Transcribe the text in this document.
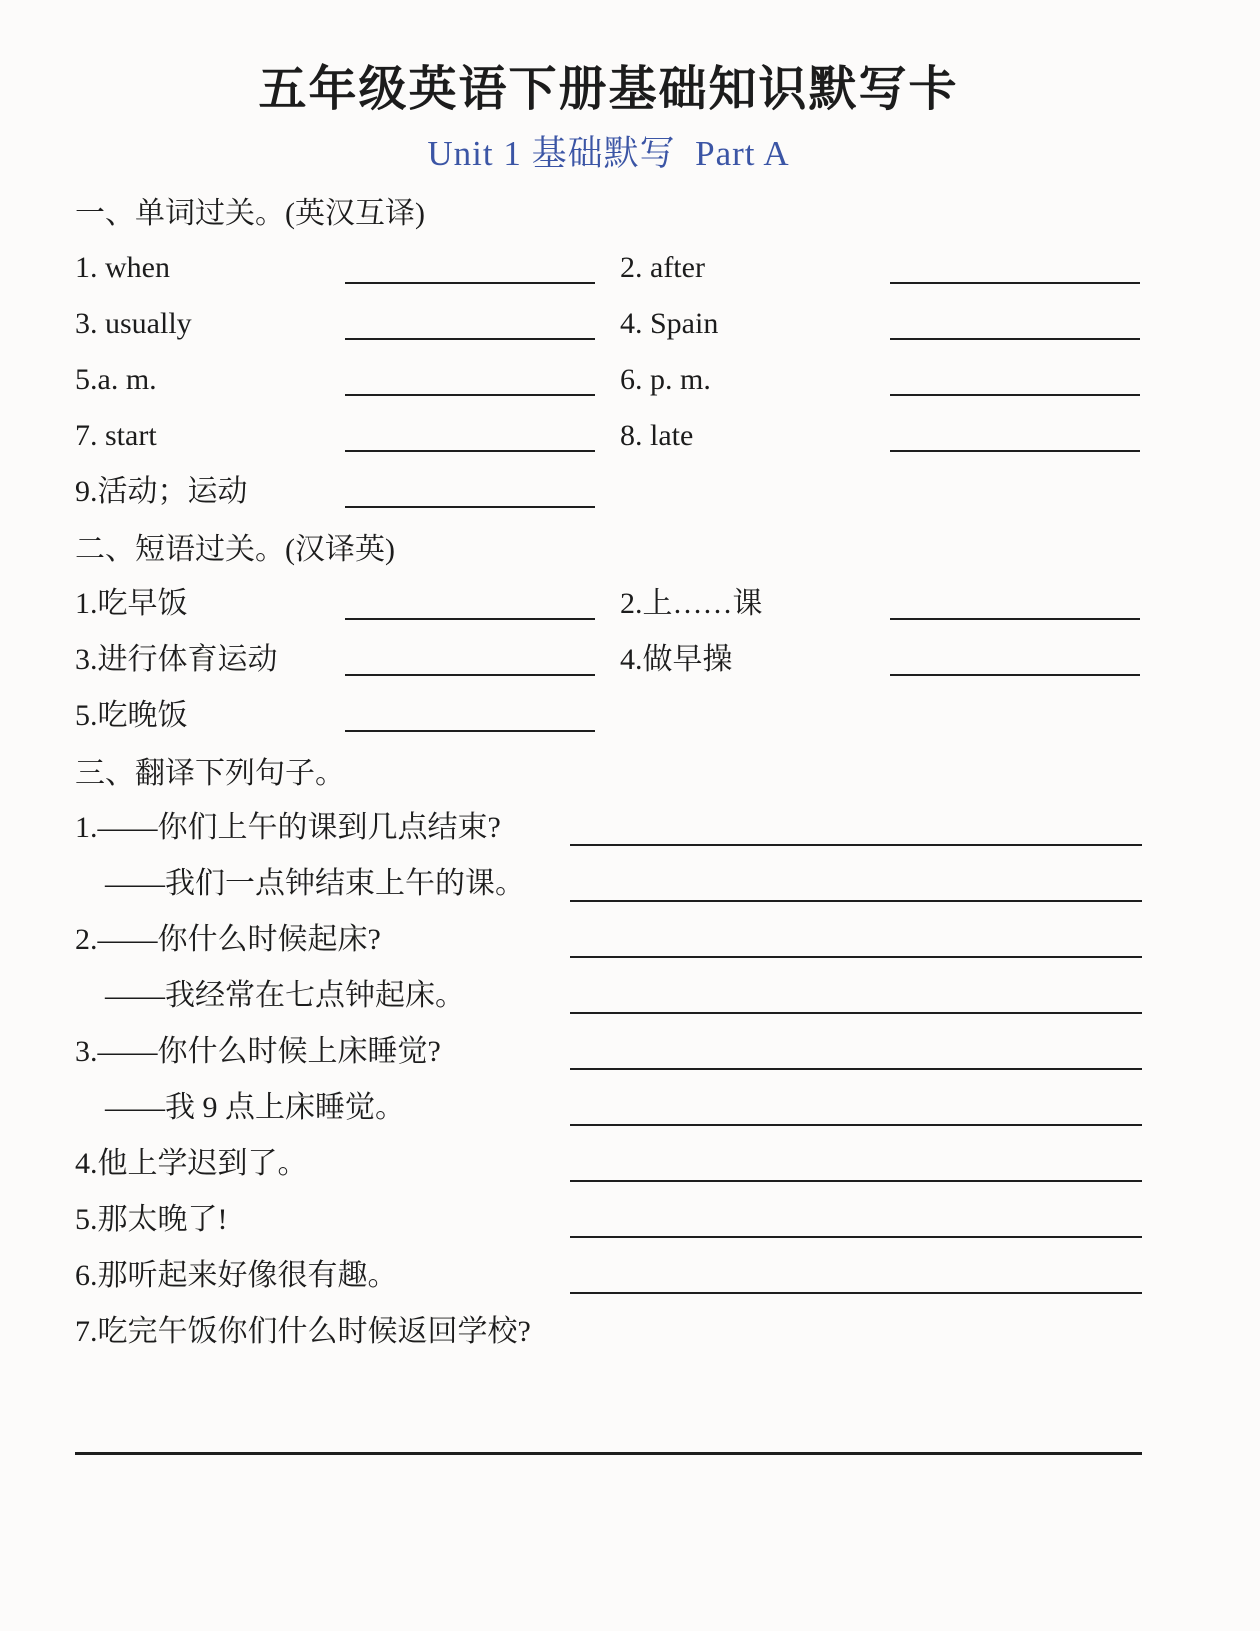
五年级英语下册基础知识默写卡
Unit 1 基础默写  Part A
一、单词过关。(英汉互译)
1. when	2. after
3. usually	4. Spain
5.a. m.	6. p. m.
7. start	8. late
9.活动；运动
二、短语过关。(汉译英)
1.吃早饭	2.上……课
3.进行体育运动	4.做早操
5.吃晚饭
三、翻译下列句子。
1.——你们上午的课到几点结束?
——我们一点钟结束上午的课。
2.——你什么时候起床?
——我经常在七点钟起床。
3.——你什么时候上床睡觉?
——我 9 点上床睡觉。
4.他上学迟到了。
5.那太晚了!
6.那听起来好像很有趣。
7.吃完午饭你们什么时候返回学校?
